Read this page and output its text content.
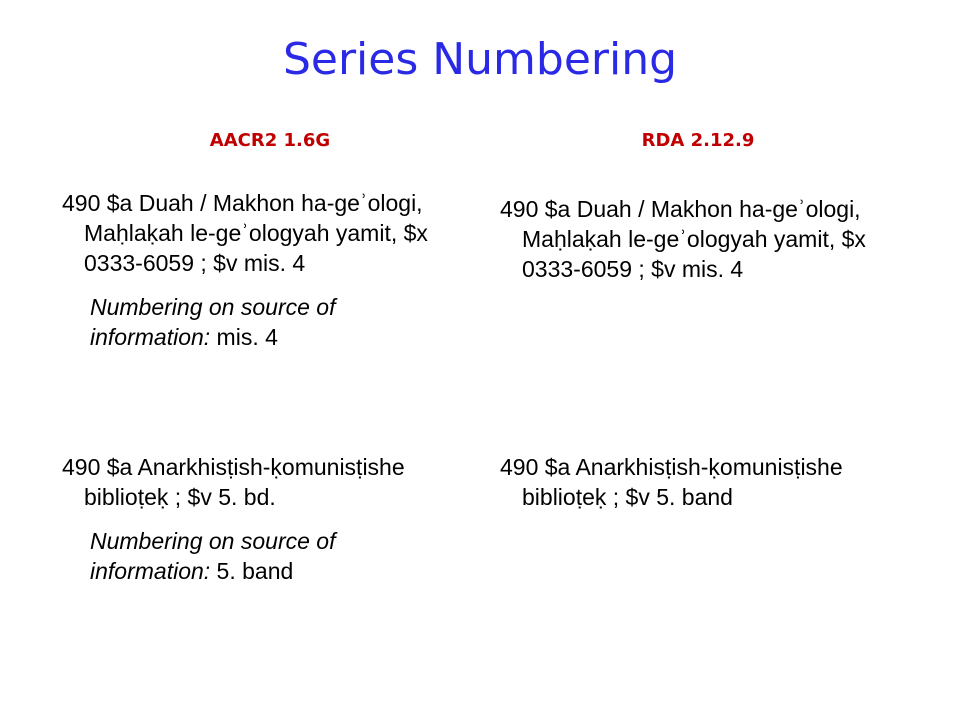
Series Numbering
AACR2 1.6G	RDA 2.12.9

490 $a Duah / Makhon ha-geʾologi, Maḥlaḳah le-geʾologyah yamit, $x 0333-6059 ; $v mis. 4

Numbering on source of information: mis. 4

490 $a Anarkhisṭish-ḳomunisṭishe biblioṭeḳ ; $v 5. bd.

Numbering on source of information: 5. band

490 $a Duah / Makhon ha-geʾologi, Maḥlaḳah le-geʾologyah yamit, $x 0333-6059 ; $v mis. 4

490 $a Anarkhisṭish-ḳomunisṭishe biblioṭeḳ ; $v 5. band
